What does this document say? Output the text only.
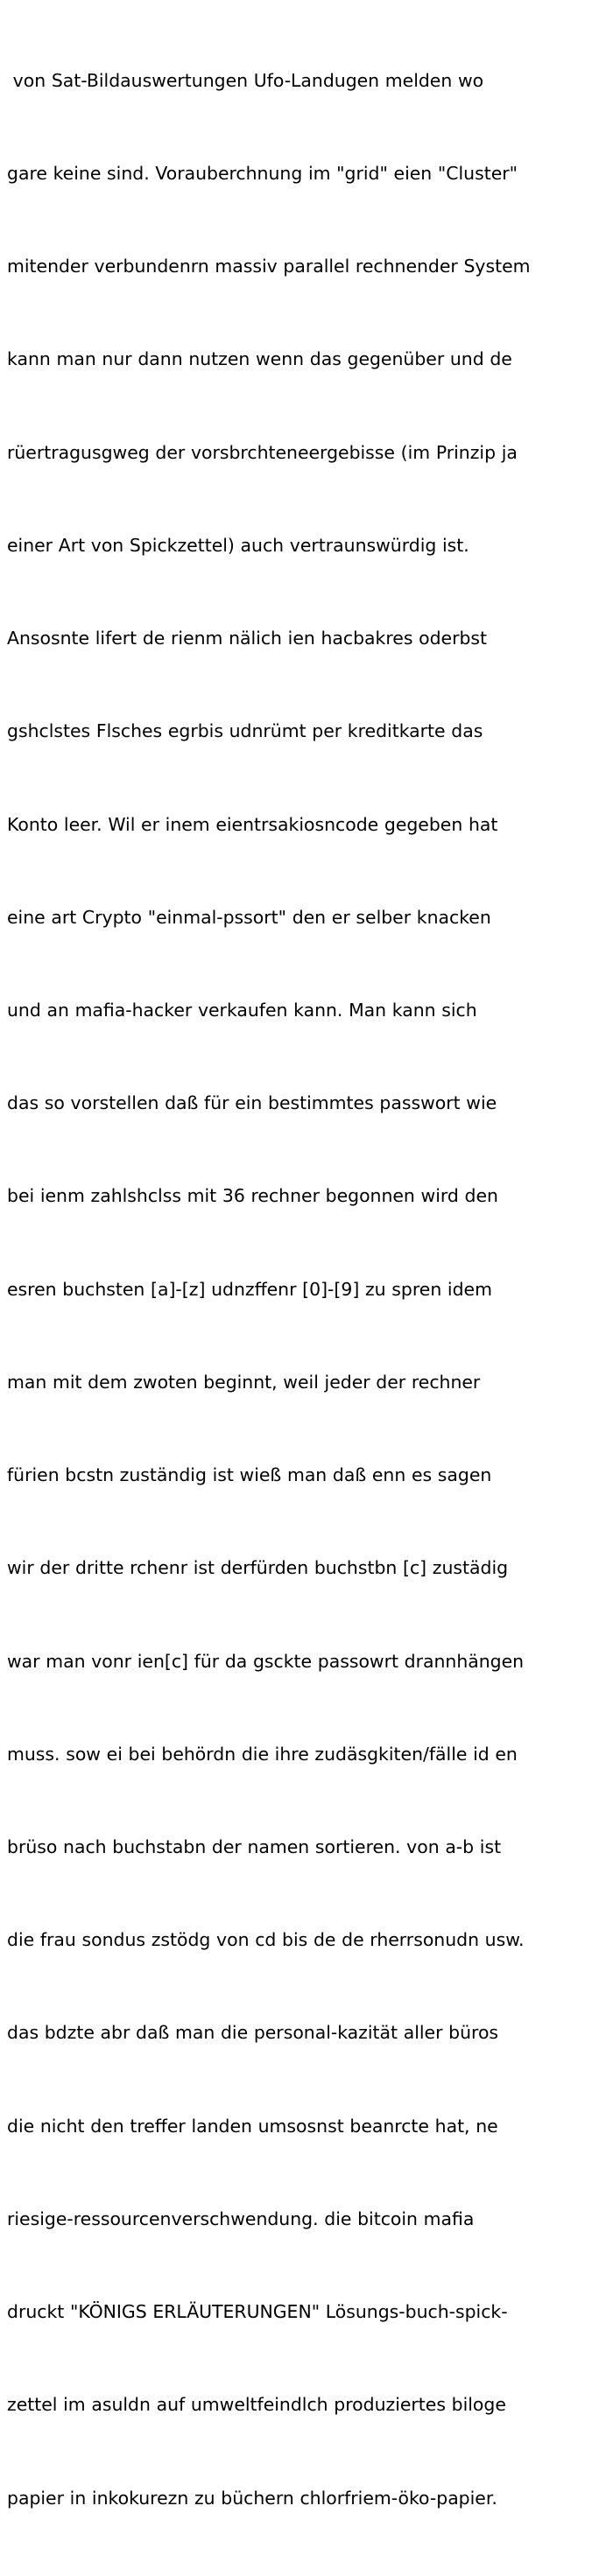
von Sat-Bildauswertungen Ufo-Landugen melden wo

gare keine sind. Vorauberchnung im "grid" eien "Cluster"

mitender verbundenrn massiv parallel rechnender System

kann man nur dann nutzen wenn das gegenüber und de

rüertragusgweg der vorsbrchteneergebisse (im Prinzip ja

einer Art von Spickzettel) auch vertraunswürdig ist.

Ansosnte lifert de rienm nälich ien hacbakres oderbst

gshclstes Flsches egrbis udnrümt per kreditkarte das

Konto leer. Wil er inem eientrsakiosncode gegeben hat

eine art Crypto "einmal-pssort" den er selber knacken

und an mafia-hacker verkaufen kann. Man kann sich

das so vorstellen daß für ein bestimmtes passwort wie

bei ienm zahlshclss mit 36 rechner begonnen wird den

esren buchsten [a]-[z] udnzffenr [0]-[9] zu spren idem

man mit dem zwoten beginnt, weil jeder der rechner

fürien bcstn zuständig ist wieß man daß enn es sagen

wir der dritte rchenr ist derfürden buchstbn [c] zustädig

war man vonr ien[c] für da gsckte passowrt drannhängen

muss. sow ei bei behördn die ihre zudäsgkiten/fälle id en

brüso nach buchstabn der namen sortieren. von a-b ist

die frau sondus zstödg von cd bis de de rherrsonudn usw.

das bdzte abr daß man die personal-kazität aller büros

die nicht den treffer landen umsosnst beanrcte hat, ne

riesige-ressourcenverschwendung. die bitcoin mafia

druckt "KÖNIGS ERLÄUTERUNGEN" Lösungs-buch-spick-

zettel im asuldn auf umweltfeindlch produziertes biloge

papier in inkokurezn zu büchern chlorfriem-öko-papier.
